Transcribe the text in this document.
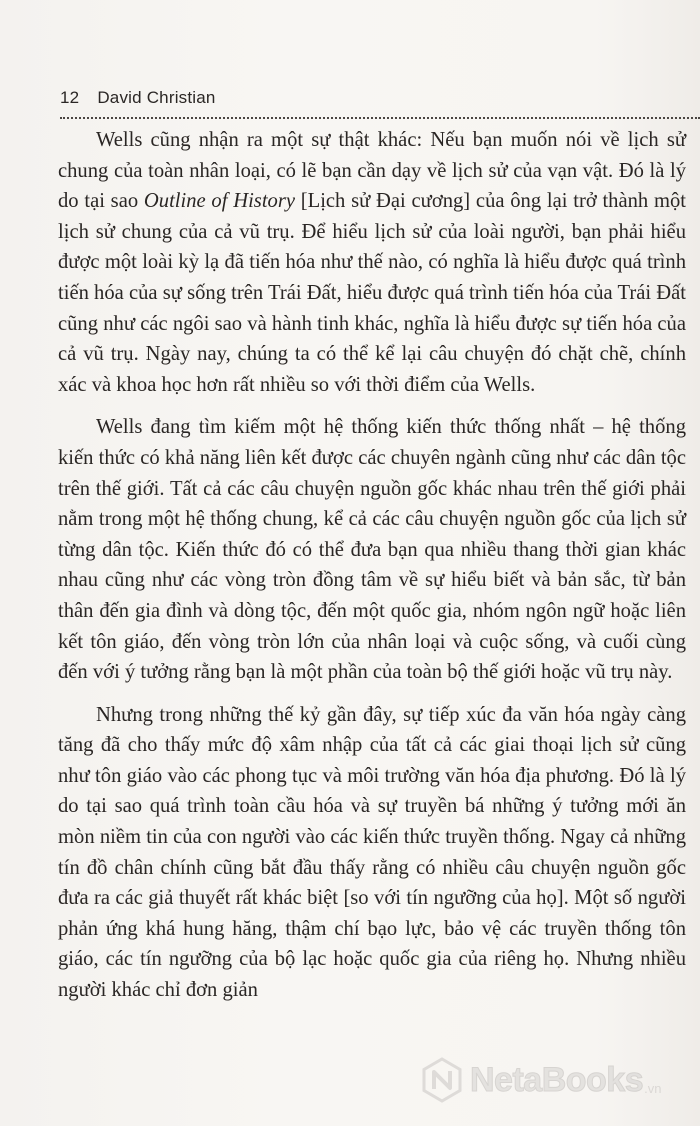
12 David Christian

Wells cũng nhận ra một sự thật khác: Nếu bạn muốn nói về lịch sử chung của toàn nhân loại, có lẽ bạn cần dạy về lịch sử của vạn vật. Đó là lý do tại sao Outline of History [Lịch sử Đại cương] của ông lại trở thành một lịch sử chung của cả vũ trụ. Để hiểu lịch sử của loài người, bạn phải hiểu được một loài kỳ lạ đã tiến hóa như thế nào, có nghĩa là hiểu được quá trình tiến hóa của sự sống trên Trái Đất, hiểu được quá trình tiến hóa của Trái Đất cũng như các ngôi sao và hành tinh khác, nghĩa là hiểu được sự tiến hóa của cả vũ trụ. Ngày nay, chúng ta có thể kể lại câu chuyện đó chặt chẽ, chính xác và khoa học hơn rất nhiều so với thời điểm của Wells.

Wells đang tìm kiếm một hệ thống kiến thức thống nhất – hệ thống kiến thức có khả năng liên kết được các chuyên ngành cũng như các dân tộc trên thế giới. Tất cả các câu chuyện nguồn gốc khác nhau trên thế giới phải nằm trong một hệ thống chung, kể cả các câu chuyện nguồn gốc của lịch sử từng dân tộc. Kiến thức đó có thể đưa bạn qua nhiều thang thời gian khác nhau cũng như các vòng tròn đồng tâm về sự hiểu biết và bản sắc, từ bản thân đến gia đình và dòng tộc, đến một quốc gia, nhóm ngôn ngữ hoặc liên kết tôn giáo, đến vòng tròn lớn của nhân loại và cuộc sống, và cuối cùng đến với ý tưởng rằng bạn là một phần của toàn bộ thế giới hoặc vũ trụ này.

Nhưng trong những thế kỷ gần đây, sự tiếp xúc đa văn hóa ngày càng tăng đã cho thấy mức độ xâm nhập của tất cả các giai thoại lịch sử cũng như tôn giáo vào các phong tục và môi trường văn hóa địa phương. Đó là lý do tại sao quá trình toàn cầu hóa và sự truyền bá những ý tưởng mới ăn mòn niềm tin của con người vào các kiến thức truyền thống. Ngay cả những tín đồ chân chính cũng bắt đầu thấy rằng có nhiều câu chuyện nguồn gốc đưa ra các giả thuyết rất khác biệt [so với tín ngưỡng của họ]. Một số người phản ứng khá hung hăng, thậm chí bạo lực, bảo vệ các truyền thống tôn giáo, các tín ngưỡng của bộ lạc hoặc quốc gia của riêng họ. Nhưng nhiều người khác chỉ đơn giản

NetaBooks .vn
